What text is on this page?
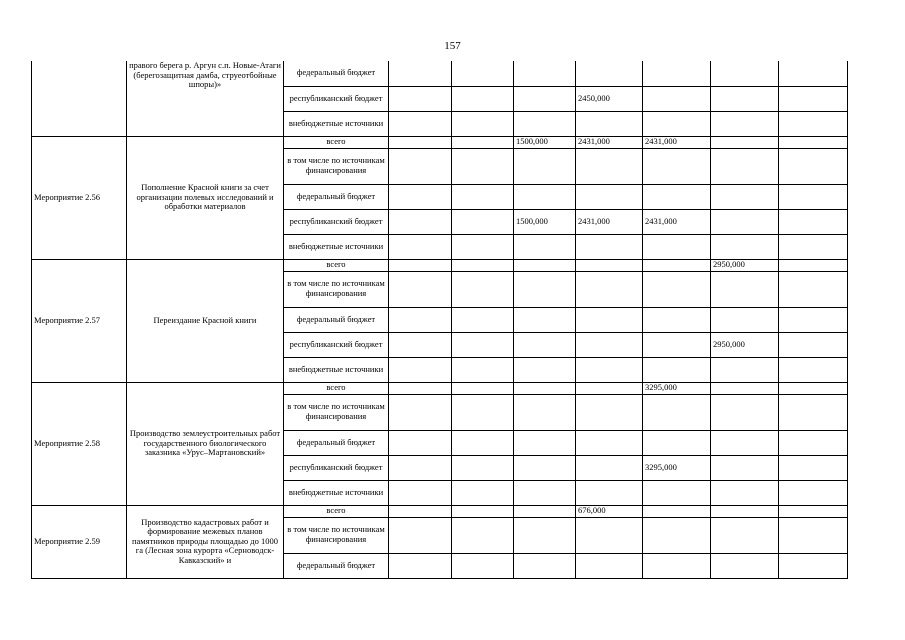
157
	правого берега р. Аргун с.п. Новые-Атаги (берегозащитная дамба, струеотбойные шпоры)»	федеральный бюджет							
		республиканский бюджет				2450,000			
		внебюджетные источники							
Мероприятие 2.56	Пополнение Красной книги за счет организации полевых исследований и обработки материалов	всего			1500,000	2431,000	2431,000		
		в том числе по источникам финансирования							
		федеральный бюджет							
		республиканский бюджет			1500,000	2431,000	2431,000		
		внебюджетные источники							
Мероприятие 2.57	Переиздание Красной книги	всего						2950,000	
		в том числе по источникам финансирования							
		федеральный бюджет							
		республиканский бюджет						2950,000	
		внебюджетные источники							
Мероприятие 2.58	Производство землеустроительных работ государственного биологического заказника «Урус–Мартановский»	всего					3295,000		
		в том числе по источникам финансирования							
		федеральный бюджет							
		республиканский бюджет					3295,000		
		внебюджетные источники							
Мероприятие 2.59	Производство кадастровых работ и формирование межевых планов памятников природы площадью до 1000 га (Лесная зона курорта «Серноводск-Кавказский» и	всего				676,000			
		в том числе по источникам финансирования							
		федеральный бюджет							
